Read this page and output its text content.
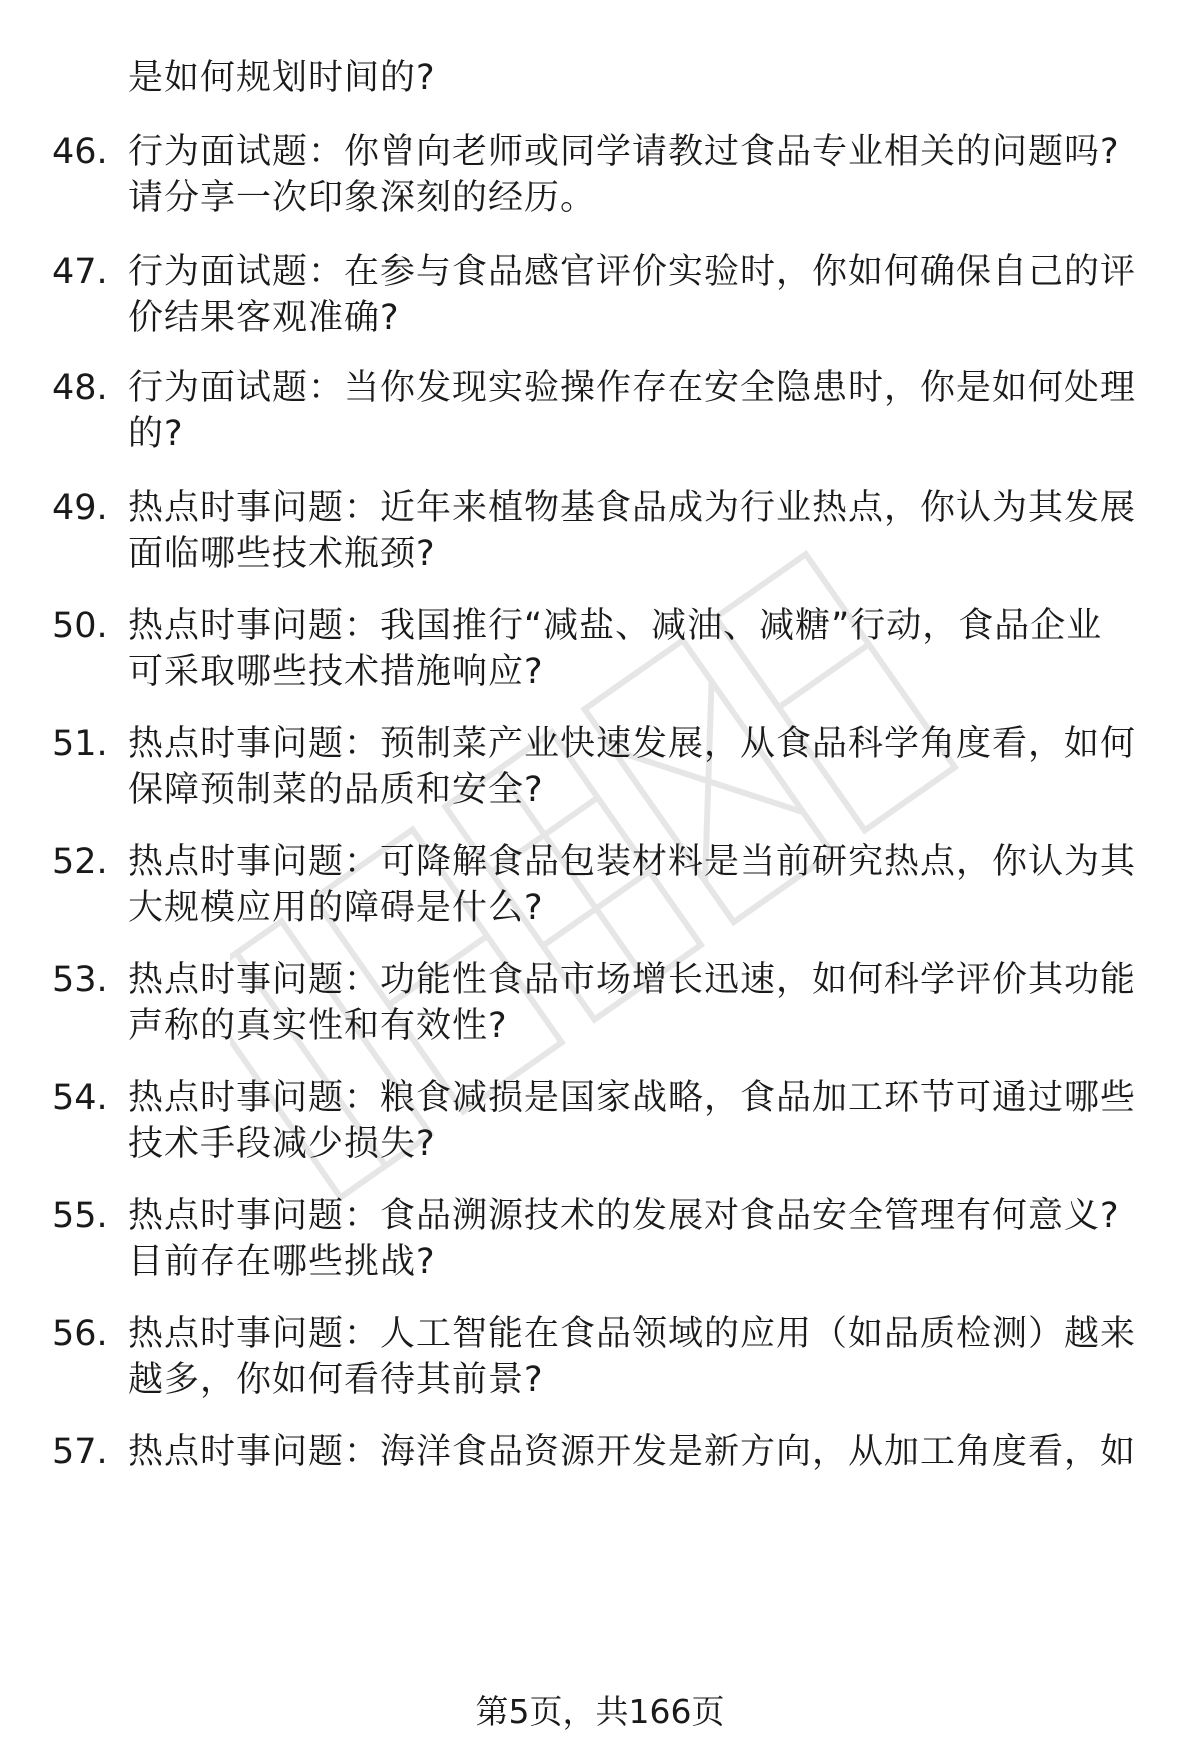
是如何规划时间的?
46. 行为面试题：你曾向老师或同学请教过食品专业相关的问题吗?
请分享一次印象深刻的经历。
47. 行为面试题：在参与食品感官评价实验时，你如何确保自己的评
价结果客观准确?
48. 行为面试题：当你发现实验操作存在安全隐患时，你是如何处理
的?
49. 热点时事问题：近年来植物基食品成为行业热点，你认为其发展
面临哪些技术瓶颈?
50. 热点时事问题：我国推行“减盐、减油、减糖”行动，食品企业
可采取哪些技术措施响应?
51. 热点时事问题：预制菜产业快速发展，从食品科学角度看，如何
保障预制菜的品质和安全?
52. 热点时事问题：可降解食品包装材料是当前研究热点，你认为其
大规模应用的障碍是什么?
53. 热点时事问题：功能性食品市场增长迅速，如何科学评价其功能
声称的真实性和有效性?
54. 热点时事问题：粮食减损是国家战略，食品加工环节可通过哪些
技术手段减少损失?
55. 热点时事问题：食品溯源技术的发展对食品安全管理有何意义?
目前存在哪些挑战?
56. 热点时事问题：人工智能在食品领域的应用（如品质检测）越来
越多，你如何看待其前景?
57. 热点时事问题：海洋食品资源开发是新方向，从加工角度看，如
第5页，共166页
